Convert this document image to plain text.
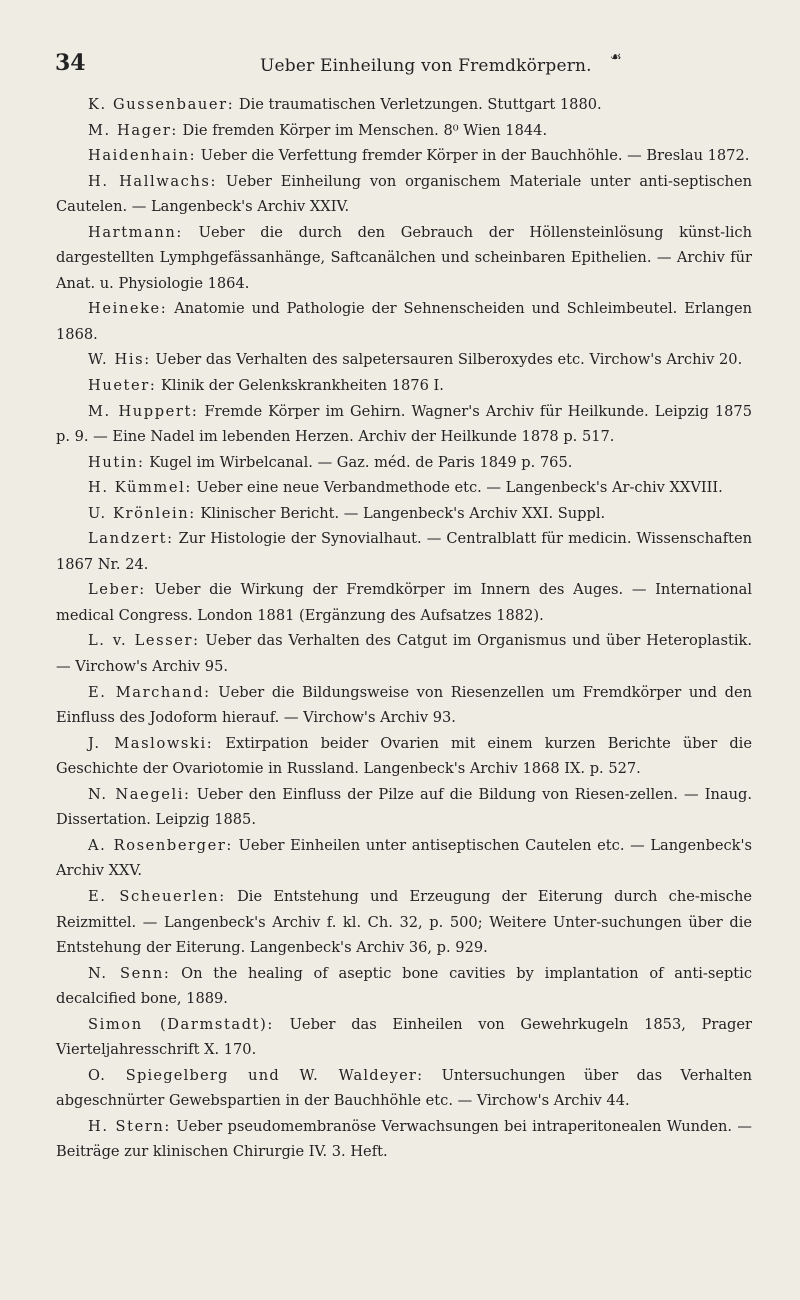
34	Ueber Einheilung von Fremdkörpern. ☙

K. Gussenbauer: Die traumatischen Verletzungen. Stuttgart 1880.

M. Hager: Die fremden Körper im Menschen. 8⁰ Wien 1844.

Haidenhain: Ueber die Verfettung fremder Körper in der Bauchhöhle. — Breslau 1872.

H. Hallwachs: Ueber Einheilung von organischem Materiale unter anti-septischen Cautelen. — Langenbeck's Archiv XXIV.

Hartmann: Ueber die durch den Gebrauch der Höllensteinlösung künst-lich dargestellten Lymphgefässanhänge, Saftcanälchen und scheinbaren Epithelien. — Archiv für Anat. u. Physiologie 1864.

Heineke: Anatomie und Pathologie der Sehnenscheiden und Schleimbeutel. Erlangen 1868.

W. His: Ueber das Verhalten des salpetersauren Silberoxydes etc. Virchow's Archiv 20.

Hueter: Klinik der Gelenkskrankheiten 1876 I.

M. Huppert: Fremde Körper im Gehirn. Wagner's Archiv für Heilkunde. Leipzig 1875 p. 9. — Eine Nadel im lebenden Herzen. Archiv der Heilkunde 1878 p. 517.

Hutin: Kugel im Wirbelcanal. — Gaz. méd. de Paris 1849 p. 765.

H. Kümmel: Ueber eine neue Verbandmethode etc. — Langenbeck's Ar-chiv XXVIII.

U. Krönlein: Klinischer Bericht. — Langenbeck's Archiv XXI. Suppl.

Landzert: Zur Histologie der Synovialhaut. — Centralblatt für medicin. Wissenschaften 1867 Nr. 24.

Leber: Ueber die Wirkung der Fremdkörper im Innern des Auges. — International medical Congress. London 1881 (Ergänzung des Aufsatzes 1882).

L. v. Lesser: Ueber das Verhalten des Catgut im Organismus und über Heteroplastik. — Virchow's Archiv 95.

E. Marchand: Ueber die Bildungsweise von Riesenzellen um Fremdkörper und den Einfluss des Jodoform hierauf. — Virchow's Archiv 93.

J. Maslowski: Extirpation beider Ovarien mit einem kurzen Berichte über die Geschichte der Ovariotomie in Russland. Langenbeck's Archiv 1868 IX. p. 527.

N. Naegeli: Ueber den Einfluss der Pilze auf die Bildung von Riesen-zellen. — Inaug. Dissertation. Leipzig 1885.

A. Rosenberger: Ueber Einheilen unter antiseptischen Cautelen etc. — Langenbeck's Archiv XXV.

E. Scheuerlen: Die Entstehung und Erzeugung der Eiterung durch che-mische Reizmittel. — Langenbeck's Archiv f. kl. Ch. 32, p. 500; Weitere Unter-suchungen über die Entstehung der Eiterung. Langenbeck's Archiv 36, p. 929.

N. Senn: On the healing of aseptic bone cavities by implantation of anti-septic decalcified bone, 1889.

Simon (Darmstadt): Ueber das Einheilen von Gewehrkugeln 1853, Prager Vierteljahresschrift X. 170.

O. Spiegelberg und W. Waldeyer: Untersuchungen über das Verhalten abgeschnürter Gewebspartien in der Bauchhöhle etc. — Virchow's Archiv 44.

H. Stern: Ueber pseudomembranöse Verwachsungen bei intraperitonealen Wunden. — Beiträge zur klinischen Chirurgie IV. 3. Heft.
